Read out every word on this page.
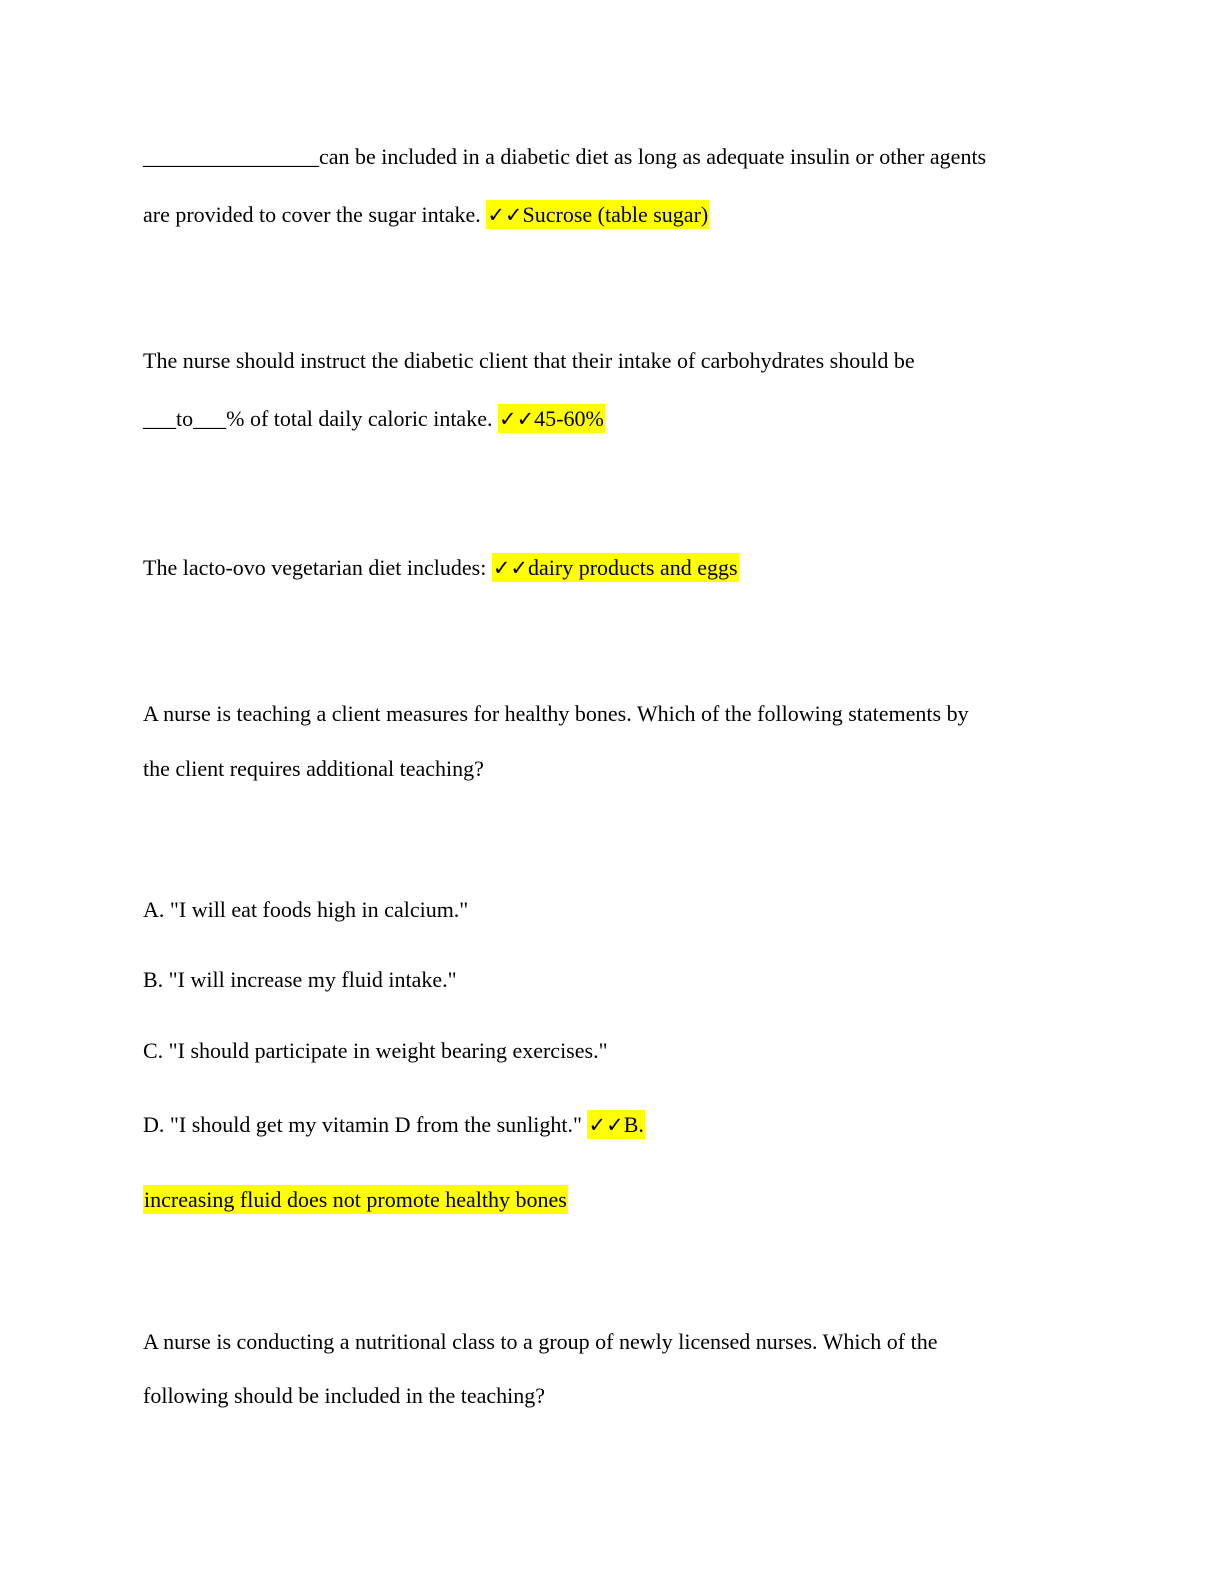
________________can be included in a diabetic diet as long as adequate insulin or other agents
are provided to cover the sugar intake. ✓✓Sucrose (table sugar)
The nurse should instruct the diabetic client that their intake of carbohydrates should be
___to___% of total daily caloric intake. ✓✓45-60%
The lacto-ovo vegetarian diet includes: ✓✓dairy products and eggs
A nurse is teaching a client measures for healthy bones. Which of the following statements by
the client requires additional teaching?
A. "I will eat foods high in calcium."
B. "I will increase my fluid intake."
C. "I should participate in weight bearing exercises."
D. "I should get my vitamin D from the sunlight." ✓✓B.
increasing fluid does not promote healthy bones
A nurse is conducting a nutritional class to a group of newly licensed nurses. Which of the
following should be included in the teaching?
